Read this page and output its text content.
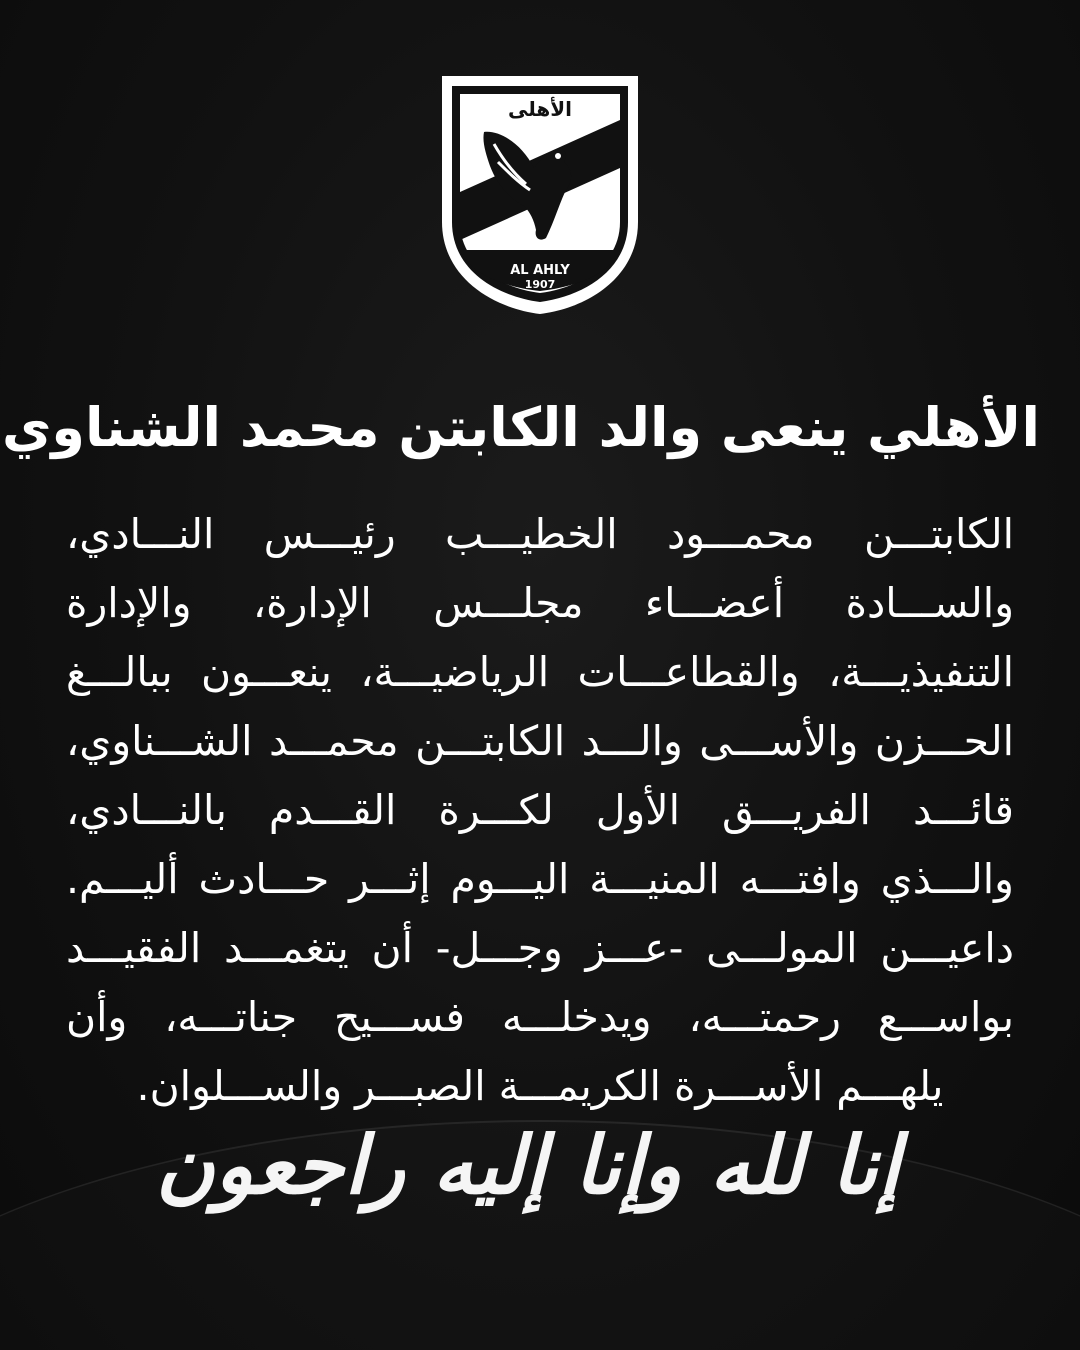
الأهلى
AL AHLY
1907
الأهلي ينعى والد الكابتن محمد الشناوي

الكابتـــن محمـــود الخطيـــب رئيـــس النـــادي، والســـادة أعضـــاء مجلـــس الإدارة، والإدارة التنفيذيـــة، والقطاعـــات الرياضيـــة، ينعـــون ببالـــغ الحـــزن والأســـى والـــد الكابتـــن محمـــد الشـــناوي، قائـــد الفريـــق الأول لكـــرة القـــدم بالنـــادي، والـــذي وافتـــه المنيـــة اليـــوم إثـــر حـــادث أليـــم. داعيـــن المولـــى -عـــز وجـــل- أن يتغمـــد الفقيـــد بواســـع رحمتـــه، ويدخلـــه فســـيح جناتـــه، وأن يلهـــم الأســـرة الكريمـــة الصبـــر والســـلوان.

إنا لله وإنا إليه راجعون
